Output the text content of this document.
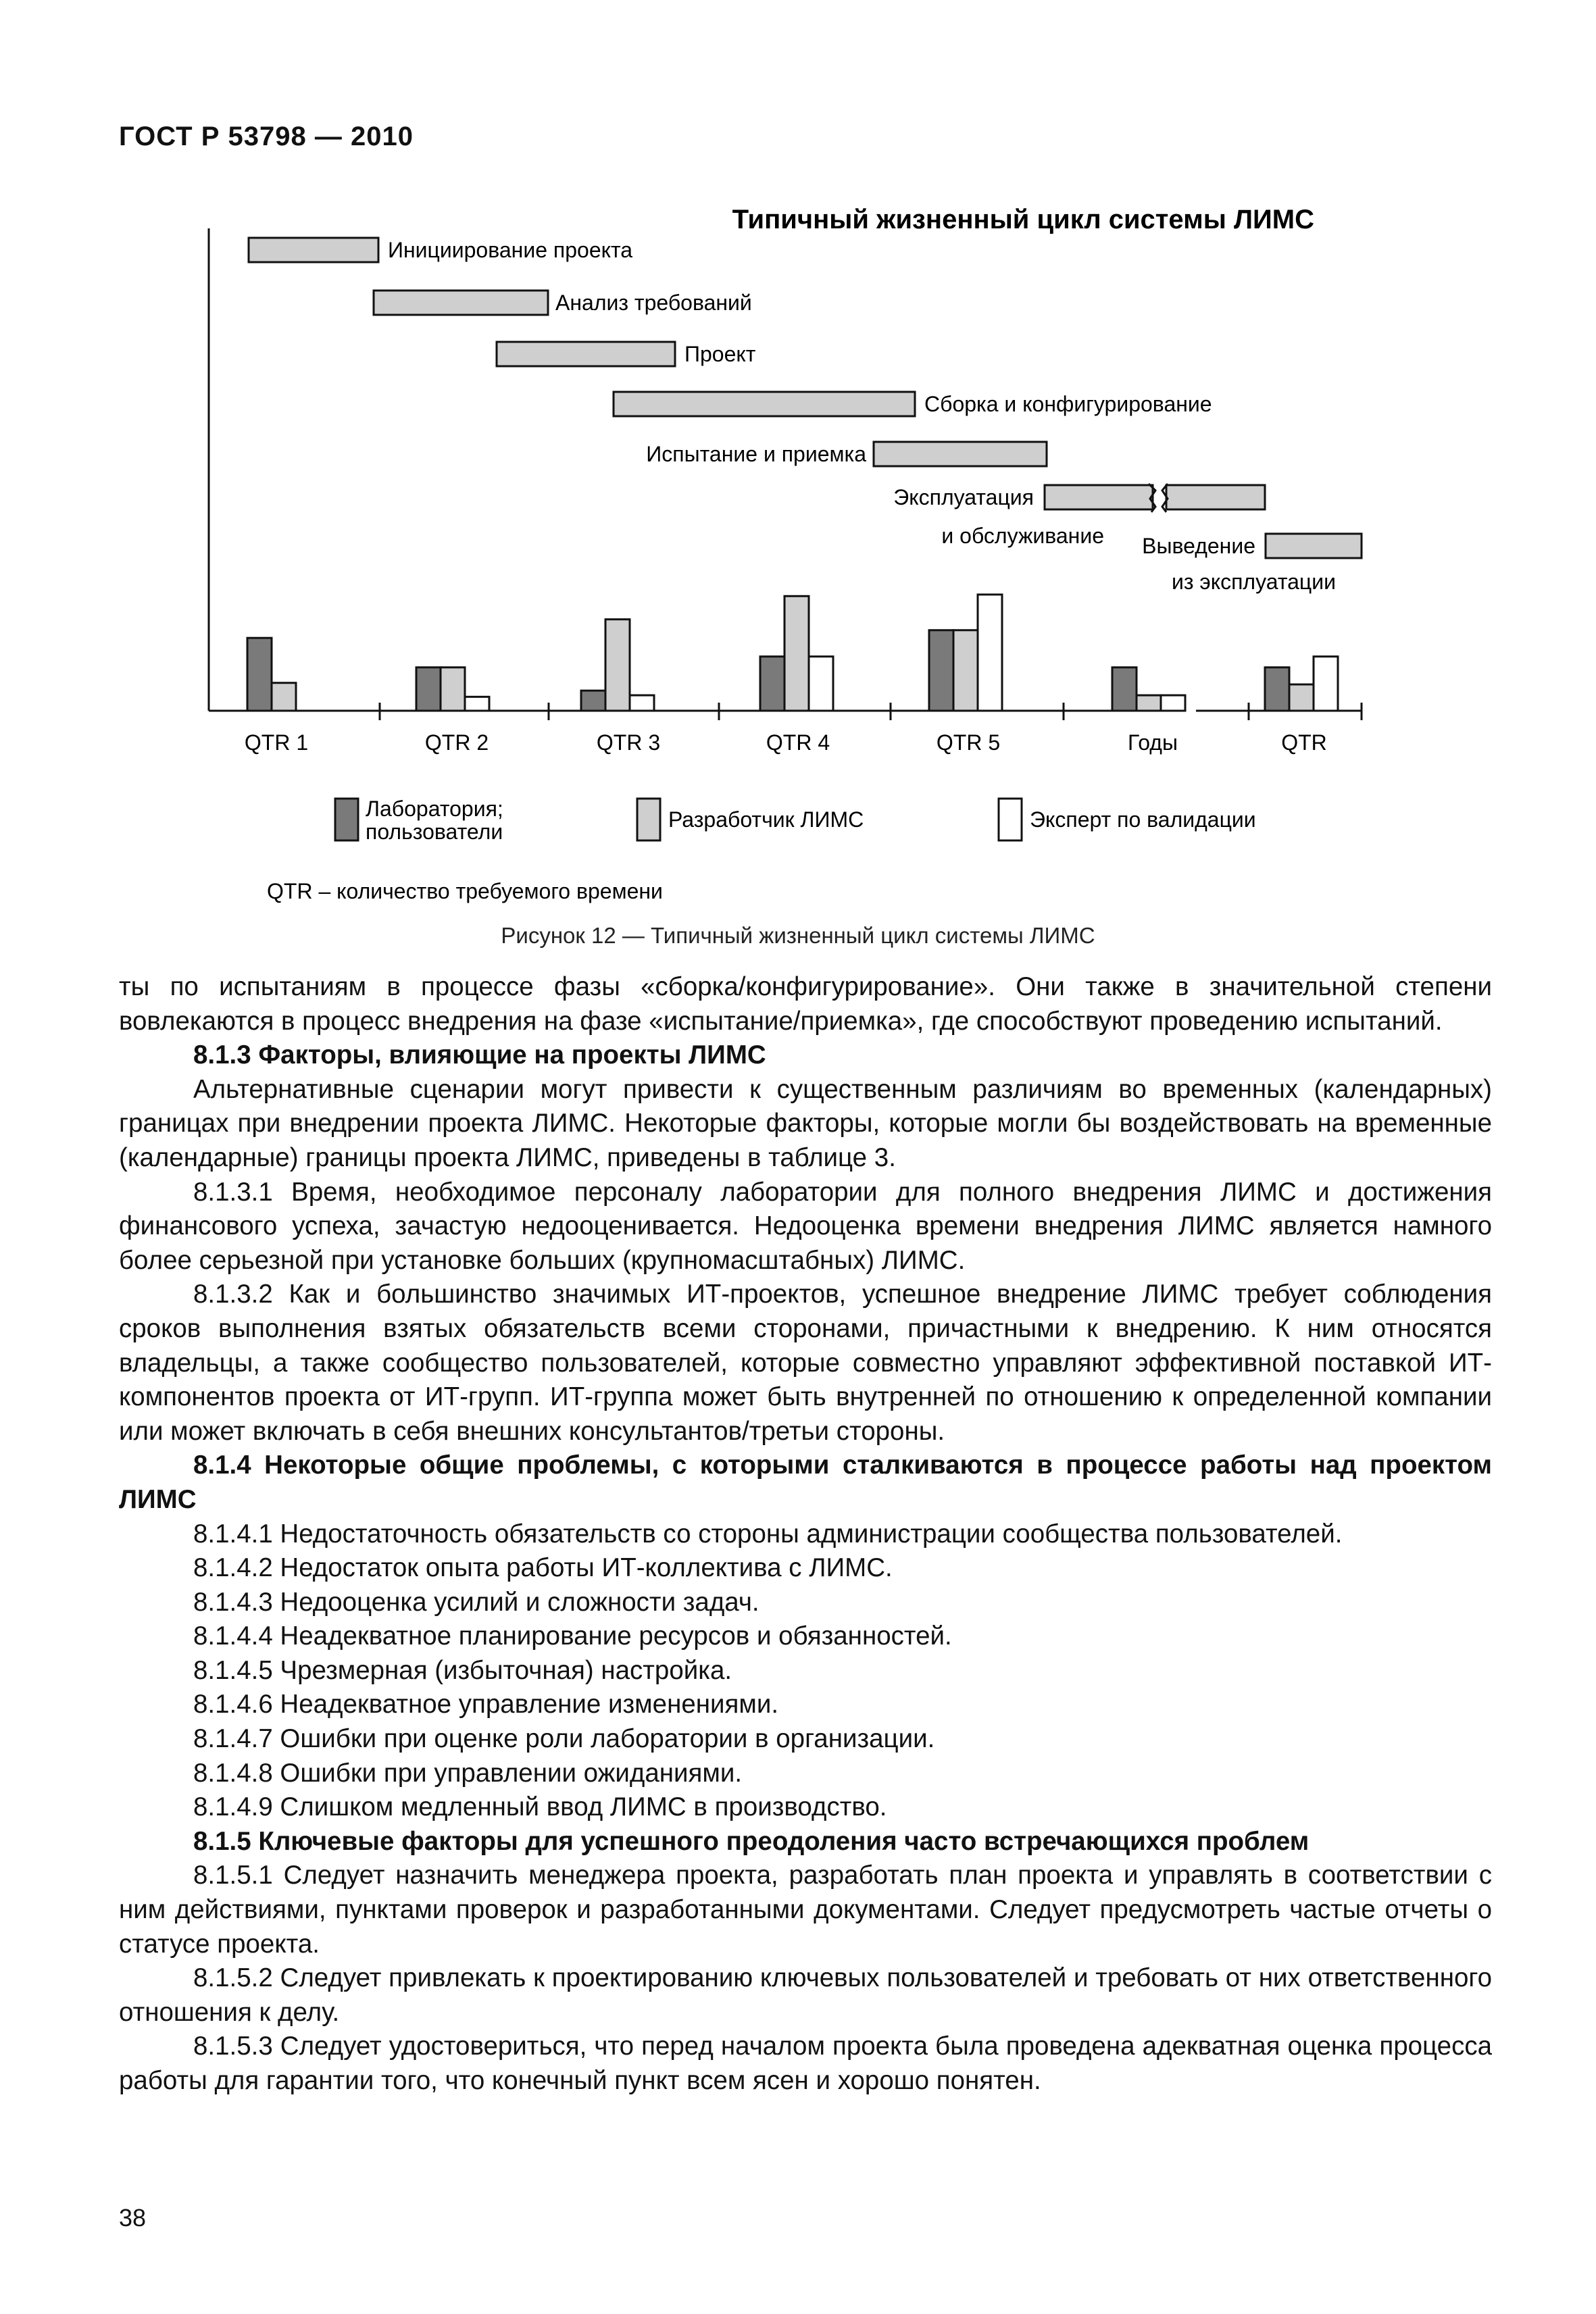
ГОСТ Р 53798 — 2010
Типичный жизненный цикл системы ЛИМС
Инициирование проекта
Анализ требований
Проект
Сборка и конфигурирование
Испытание и приемка
Эксплуатация
и обслуживание Выведение
из эксплуатации
QTR 1	QTR 2	QTR 3	QTR 4	QTR 5	Годы	QTR
Лаборатория;
пользователи	Разработчик ЛИМС	Эксперт по валидации
QTR – количество требуемого времени
Рисунок 12 — Типичный жизненный цикл системы ЛИМС

ты по испытаниям в процессе фазы «сборка/конфигурирование». Они также в значительной степени вовлекаются в процесс внедрения на фазе «испытание/приемка», где способствуют проведению испытаний.

8.1.3 Факторы, влияющие на проекты ЛИМС

Альтернативные сценарии могут привести к существенным различиям во временных (календарных) границах при внедрении проекта ЛИМС. Некоторые факторы, которые могли бы воздействовать на временные (календарные) границы проекта ЛИМС, приведены в таблице 3.

8.1.3.1 Время, необходимое персоналу лаборатории для полного внедрения ЛИМС и достижения финансового успеха, зачастую недооценивается. Недооценка времени внедрения ЛИМС является намного более серьезной при установке больших (крупномасштабных) ЛИМС.

8.1.3.2 Как и большинство значимых ИТ-проектов, успешное внедрение ЛИМС требует соблюдения сроков выполнения взятых обязательств всеми сторонами, причастными к внедрению. К ним относятся владельцы, а также сообщество пользователей, которые совместно управляют эффективной поставкой ИТ-компонентов проекта от ИТ-групп. ИТ-группа может быть внутренней по отношению к определенной компании или может включать в себя внешних консультантов/третьи стороны.

8.1.4 Некоторые общие проблемы, с которыми сталкиваются в процессе работы над проектом ЛИМС

8.1.4.1 Недостаточность обязательств со стороны администрации сообщества пользователей.

8.1.4.2 Недостаток опыта работы ИТ-коллектива с ЛИМС.

8.1.4.3 Недооценка усилий и сложности задач.

8.1.4.4 Неадекватное планирование ресурсов и обязанностей.

8.1.4.5 Чрезмерная (избыточная) настройка.

8.1.4.6 Неадекватное управление изменениями.

8.1.4.7 Ошибки при оценке роли лаборатории в организации.

8.1.4.8 Ошибки при управлении ожиданиями.

8.1.4.9 Слишком медленный ввод ЛИМС в производство.

8.1.5 Ключевые факторы для успешного преодоления часто встречающихся проблем

8.1.5.1 Следует назначить менеджера проекта, разработать план проекта и управлять в соответствии с ним действиями, пунктами проверок и разработанными документами. Следует предусмотреть частые отчеты о статусе проекта.

8.1.5.2 Следует привлекать к проектированию ключевых пользователей и требовать от них ответственного отношения к делу.

8.1.5.3 Следует удостовериться, что перед началом проекта была проведена адекватная оценка процесса работы для гарантии того, что конечный пункт всем ясен и хорошо понятен.

38
